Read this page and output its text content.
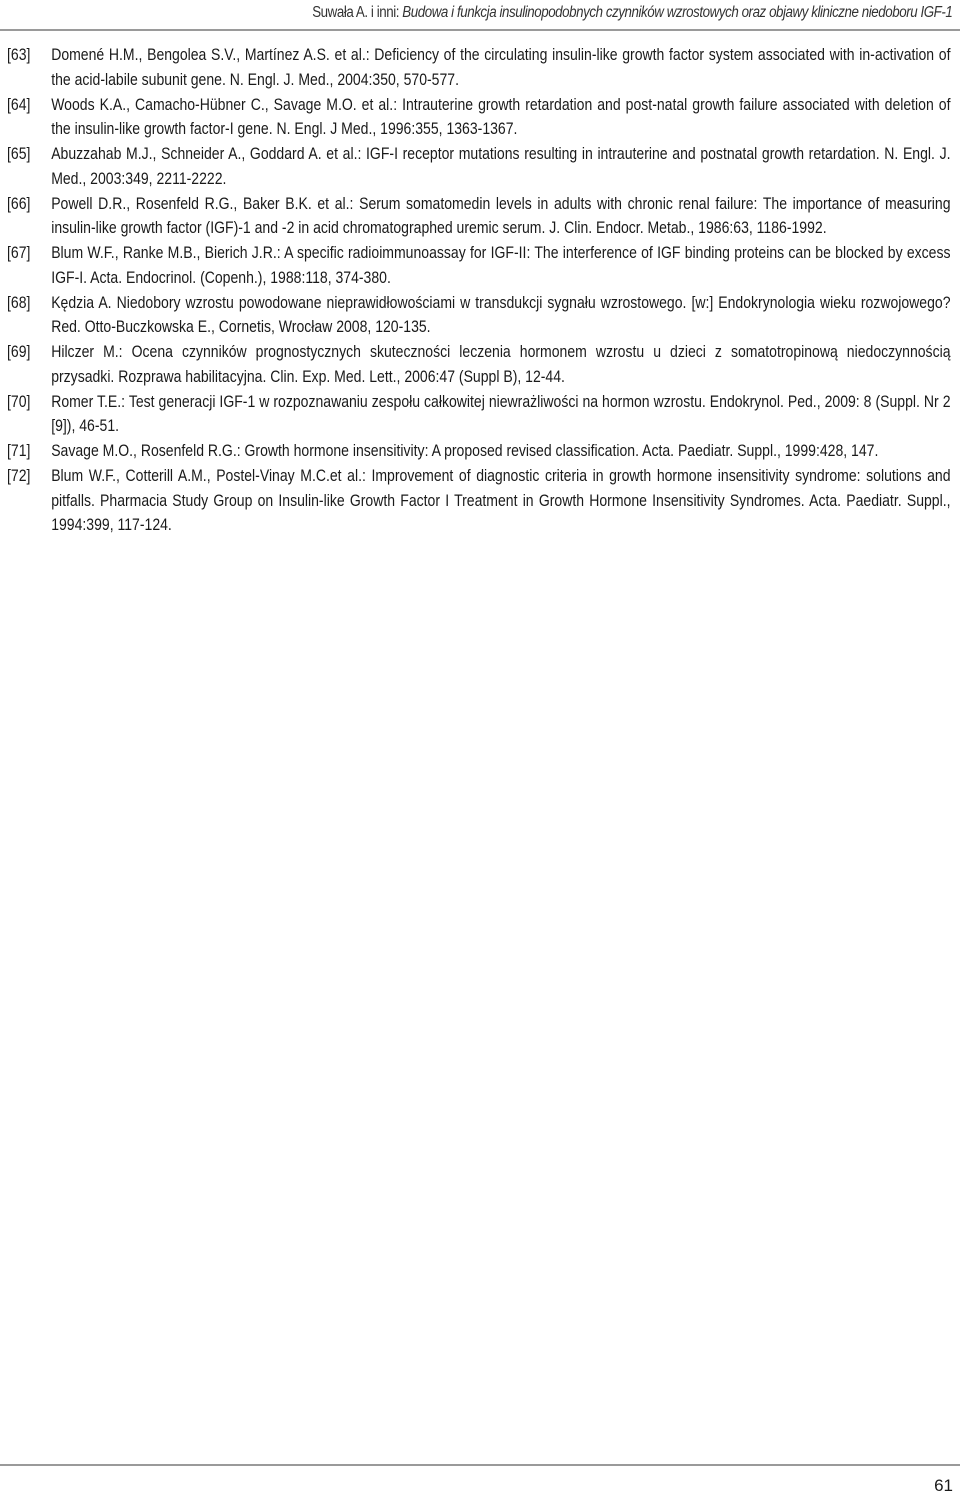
Suwała A. i inni: Budowa i funkcja insulinopodobnych czynników wzrostowych oraz objawy kliniczne niedoboru IGF-1
[63]	Domené H.M., Bengolea S.V., Martínez A.S. et al.: Deficiency of the circulating insulin-like growth factor system associated with in-activation of the acid-labile subunit gene. N. Engl. J. Med., 2004:350, 570-577.
[64]	Woods K.A., Camacho-Hübner C., Savage M.O. et al.: Intrauterine growth retardation and post-natal growth failure associated with deletion of the insulin-like growth factor-I gene. N. Engl. J Med., 1996:355, 1363-1367.
[65]	Abuzzahab M.J., Schneider A., Goddard A. et al.: IGF-I receptor mutations resulting in intrauterine and postnatal growth retardation. N. Engl. J. Med., 2003:349, 2211-2222.
[66]	Powell D.R., Rosenfeld R.G., Baker B.K. et al.: Serum somatomedin levels in adults with chronic renal failure: The importance of measuring insulin-like growth factor (IGF)-1 and -2 in acid chromatographed uremic serum. J. Clin. Endocr. Metab., 1986:63, 1186-1992.
[67]	Blum W.F., Ranke M.B., Bierich J.R.: A specific radioimmunoassay for IGF-II: The interference of IGF binding proteins can be blocked by excess IGF-I. Acta. Endocrinol. (Copenh.), 1988:118, 374-380.
[68]	Kędzia A. Niedobory wzrostu powodowane nieprawidłowościami w transdukcji sygnału wzrostowego. [w:] Endokrynologia wieku rozwojowego? Red. Otto-Buczkowska E., Cornetis, Wrocław 2008, 120-135.
[69]	Hilczer M.: Ocena czynników prognostycznych skuteczności leczenia hormonem wzrostu u dzieci z somatotropinową niedoczynnością przysadki. Rozprawa habilitacyjna. Clin. Exp. Med. Lett., 2006:47 (Suppl B), 12-44.
[70]	Romer T.E.: Test generacji IGF-1 w rozpoznawaniu zespołu całkowitej niewrażliwości na hormon wzrostu. Endokrynol. Ped., 2009: 8 (Suppl. Nr 2 [9]), 46-51.
[71]	Savage M.O., Rosenfeld R.G.: Growth hormone insensitivity: A proposed revised classification. Acta. Paediatr. Suppl., 1999:428, 147.
[72]	Blum W.F., Cotterill A.M., Postel-Vinay M.C.et al.: Improvement of diagnostic criteria in growth hormone insensitivity syndrome: solutions and pitfalls. Pharmacia Study Group on Insulin-like Growth Factor I Treatment in Growth Hormone Insensitivity Syndromes. Acta. Paediatr. Suppl., 1994:399, 117-124.
61
